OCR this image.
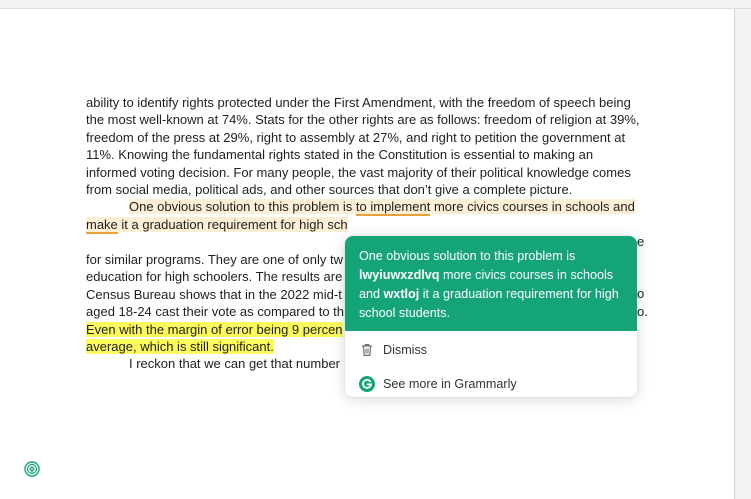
ability to identify rights protected under the First Amendment, with the freedom of speech being the most well-known at 74%. Stats for the other rights are as follows: freedom of religion at 39%, freedom of the press at 29%, right to assembly at 27%, and right to petition the government at 11%. Knowing the fundamental rights stated in the Constitution is essential to making an informed voting decision. For many people, the vast majority of their political knowledge comes from social media, political ads, and other sources that don’t give a complete picture.

One obvious solution to this problem is to implement more civics courses in schools and make it a graduation requirement for high sch

for similar programs. They are one of only tw
education for high schoolers. The results are
Census Bureau shows that in the 2022 mid-t
aged 18-24 cast their vote as compared to th
Even with the margin of error being 9 percen
average, which is still significant.
I reckon that we can get that number
e
o
o.
One obvious solution to this problem is lwyiuwxzdlvq more civics courses in schools and wxtloj it a graduation requirement for high school students.
Dismiss
See more in Grammarly
